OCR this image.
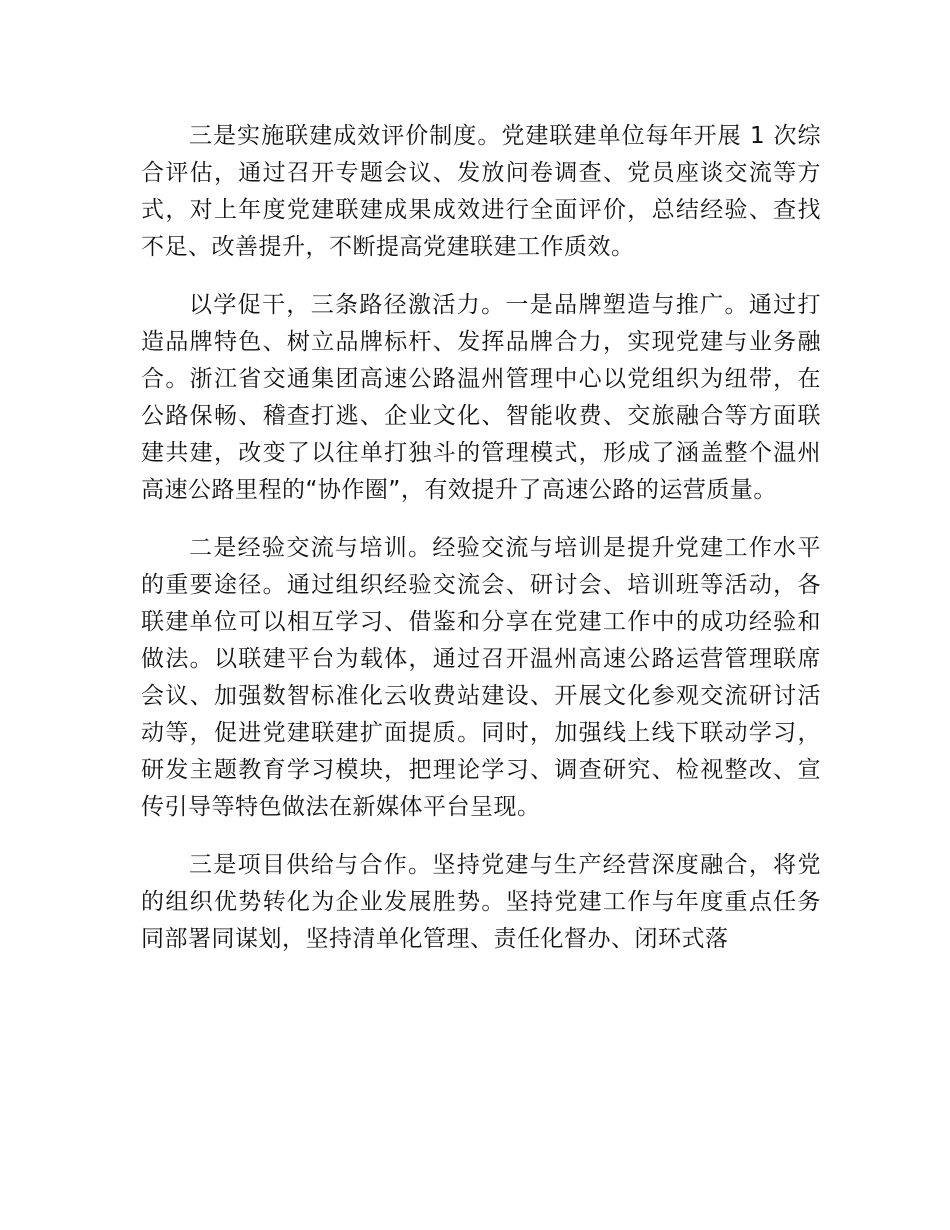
三是实施联建成效评价制度。党建联建单位每年开展 1 次综合评估，通过召开专题会议、发放问卷调查、党员座谈交流等方式，对上年度党建联建成果成效进行全面评价，总结经验、查找不足、改善提升，不断提高党建联建工作质效。

以学促干，三条路径激活力。一是品牌塑造与推广。通过打造品牌特色、树立品牌标杆、发挥品牌合力，实现党建与业务融合。浙江省交通集团高速公路温州管理中心以党组织为纽带，在公路保畅、稽查打逃、企业文化、智能收费、交旅融合等方面联建共建，改变了以往单打独斗的管理模式，形成了涵盖整个温州高速公路里程的“协作圈”，有效提升了高速公路的运营质量。

二是经验交流与培训。经验交流与培训是提升党建工作水平的重要途径。通过组织经验交流会、研讨会、培训班等活动，各联建单位可以相互学习、借鉴和分享在党建工作中的成功经验和做法。以联建平台为载体，通过召开温州高速公路运营管理联席会议、加强数智标准化云收费站建设、开展文化参观交流研讨活动等，促进党建联建扩面提质。同时，加强线上线下联动学习，研发主题教育学习模块，把理论学习、调查研究、检视整改、宣传引导等特色做法在新媒体平台呈现。

三是项目供给与合作。坚持党建与生产经营深度融合，将党的组织优势转化为企业发展胜势。坚持党建工作与年度重点任务同部署同谋划，坚持清单化管理、责任化督办、闭环式落
